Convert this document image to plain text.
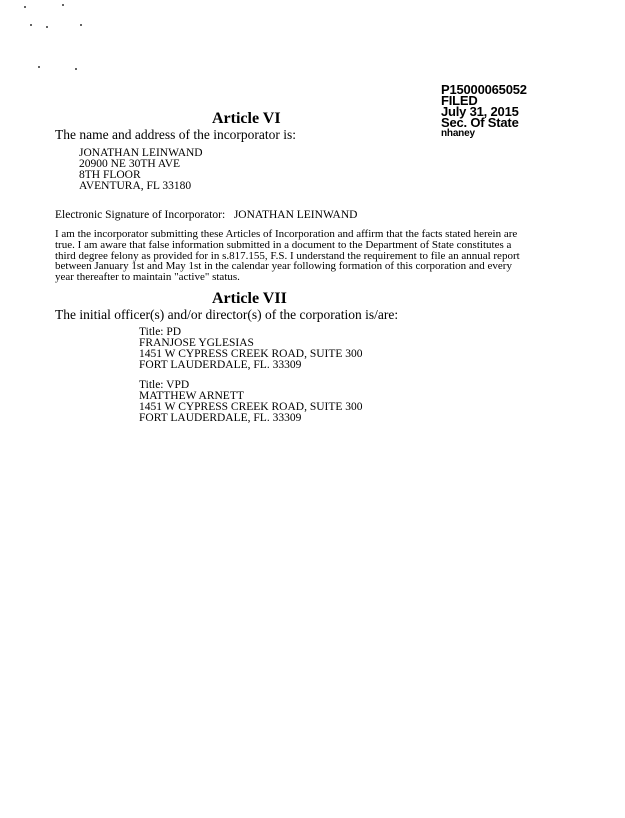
P15000065052
FILED
July 31, 2015
Sec. Of State
nhaney
Article VI
The name and address of the incorporator is:
JONATHAN LEINWAND
20900 NE 30TH AVE
8TH FLOOR
AVENTURA, FL 33180
Electronic Signature of Incorporator: JONATHAN LEINWAND
I am the incorporator submitting these Articles of Incorporation and affirm that the facts stated herein are
true. I am aware that false information submitted in a document to the Department of State constitutes a
third degree felony as provided for in s.817.155, F.S. I understand the requirement to file an annual report
between January 1st and May 1st in the calendar year following formation of this corporation and every
year thereafter to maintain "active" status.
Article VII
The initial officer(s) and/or director(s) of the corporation is/are:
Title: PD
FRANJOSE YGLESIAS
1451 W CYPRESS CREEK ROAD, SUITE 300
FORT LAUDERDALE, FL. 33309
Title: VPD
MATTHEW ARNETT
1451 W CYPRESS CREEK ROAD, SUITE 300
FORT LAUDERDALE, FL. 33309
